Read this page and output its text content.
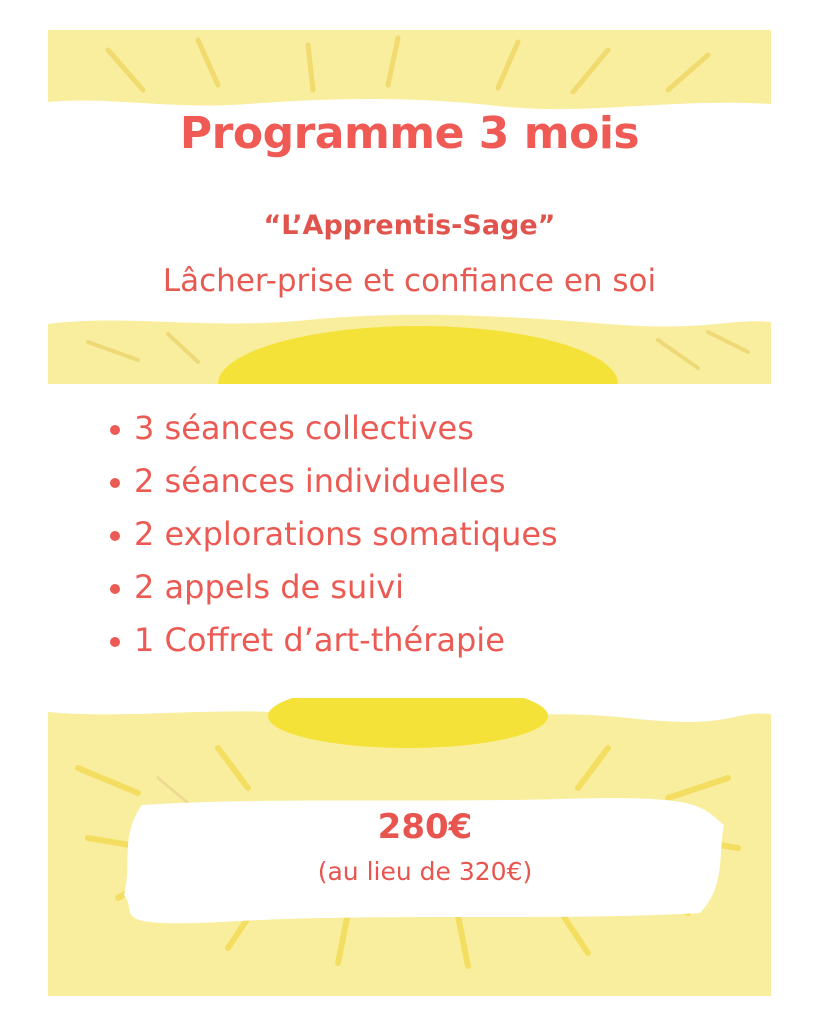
Programme 3 mois
“L’Apprentis-Sage”
Lâcher-prise et confiance en soi
3 séances collectives
2 séances individuelles
2 explorations somatiques
2 appels de suivi
1 Coffret d’art-thérapie
280€
(au lieu de 320€)
